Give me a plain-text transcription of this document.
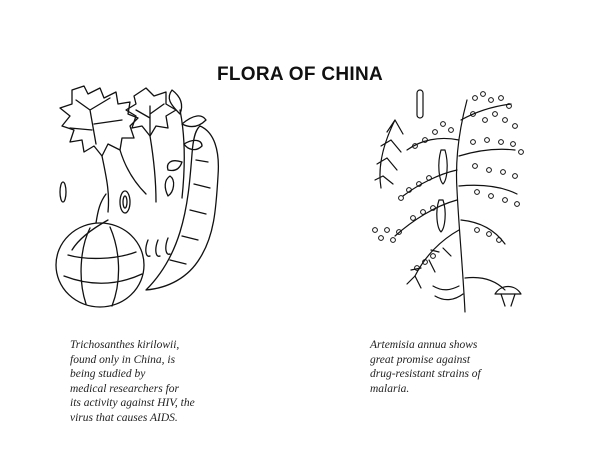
FLORA OF CHINA
Trichosanthes kirilowii,
found only in China, is
being studied by
medical researchers for
its activity against HIV, the
virus that causes AIDS.
Artemisia annua shows
great promise against
drug-resistant strains of
malaria.
